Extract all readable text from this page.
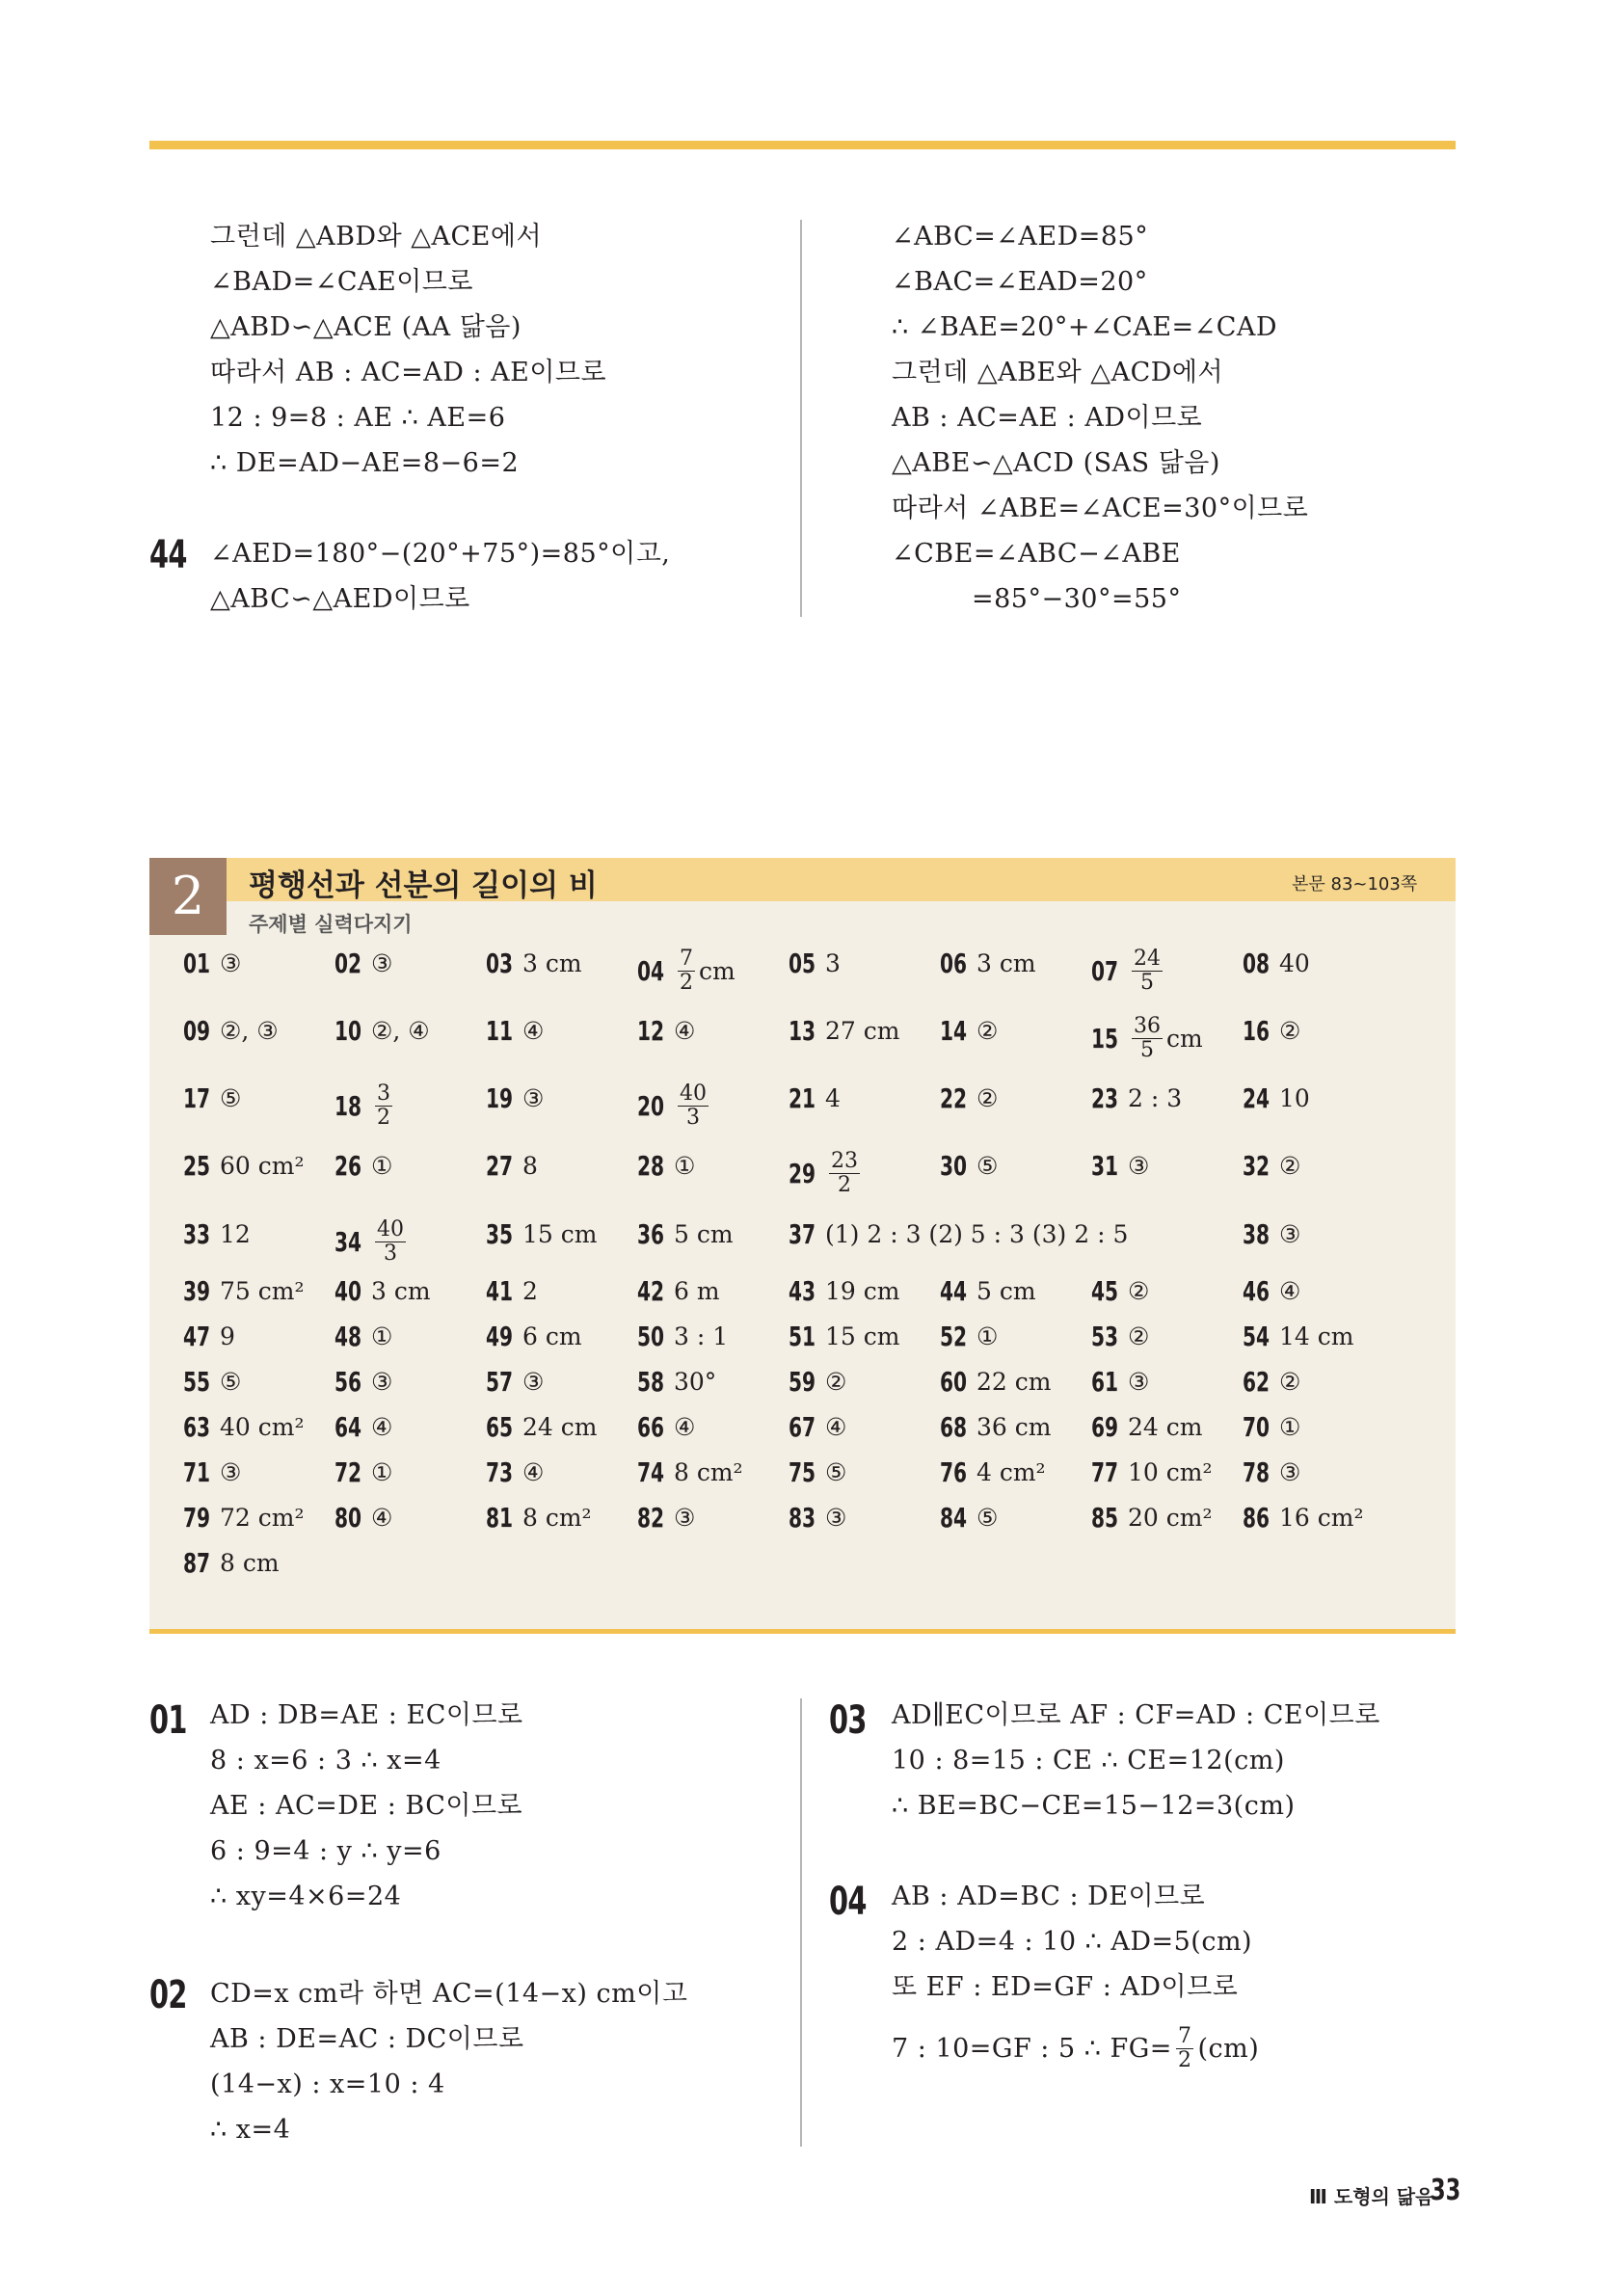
그런데 △ABD와 △ACE에서
∠BAD=∠CAE이므로
△ABD∽△ACE (AA 닮음)
따라서 AB : AC=AD : AE이므로
12 : 9=8 : AE ∴ AE=6
∴ DE=AD−AE=8−6=2
44 ∠AED=180°−(20°+75°)=85°이고,
△ABC∽△AED이므로
∠ABC=∠AED=85°
∠BAC=∠EAD=20°
∴ ∠BAE=20°+∠CAE=∠CAD
그런데 △ABE와 △ACD에서
AB : AC=AE : AD이므로
△ABE∽△ACD (SAS 닮음)
따라서 ∠ABE=∠ACE=30°이므로
∠CBE=∠ABC−∠ABE
=85°−30°=55°
2	평행선과 선분의 길이의 비
주제별 실력다지기
본문 83~103쪽
01 ③	02 ③	03 3 cm $04 \frac{7}{2}$ cm 05 3	06 3 cm $07 \frac{24}{5}$	08 40
09 ②, ③ 10 ②, ④ 11 ④	12 ④	13 27 cm 14 ②	$15 \frac{36}{5}$ cm 16 ②
17 ⑤	$18 \frac{3}{2}$	19 ③	$20 \frac{40}{3}$	21 4	22 ②	23 2 : 3 24 10
25 60 cm² 26 ①	27 8	28 ①	$29 \frac{23}{2}$	30 ⑤	31 ③	32 ②
33 12	$34 \frac{40}{3}$	35 15 cm 36 5 cm 37 (1) 2 : 3 (2) 5 : 3 (3) 2 : 5	38 ③
39 75 cm² 40 3 cm 41 2	42 6 m	43 19 cm 44 5 cm 45 ②	46 ④
47 9	48 ①	49 6 cm 50 3 : 1 51 15 cm 52 ①	53 ②	54 14 cm
55 ⑤	56 ③	57 ③	58 30°	59 ②	60 22 cm 61 ③	62 ②
63 40 cm² 64 ④	65 24 cm 66 ④	67 ④	68 36 cm 69 24 cm 70 ①
71 ③	72 ①	73 ④	74 8 cm² 75 ⑤	76 4 cm² 77 10 cm² 78 ③
79 72 cm² 80 ④	81 8 cm² 82 ③	83 ③	84 ⑤	85 20 cm² 86 16 cm²
87 8 cm
01 AD : DB=AE : EC이므로
8 : x=6 : 3 ∴ x=4
AE : AC=DE : BC이므로
6 : 9=4 : y ∴ y=6
∴ xy=4×6=24
02 CD=x cm라 하면 AC=(14−x) cm이고
AB : DE=AC : DC이므로
(14−x) : x=10 : 4
∴ x=4
03 AD∥EC이므로 AF : CF=AD : CE이므로
10 : 8=15 : CE ∴ CE=12(cm)
∴ BE=BC−CE=15−12=3(cm)
04 AB : AD=BC : DE이므로
2 : AD=4 : 10 ∴ AD=5(cm)
또 EF : ED=GF : AD이므로
7 : 10=GF : 5 ∴ $FG= \frac{7}{2} (cm)$
Ⅲ 도형의 닮음
33
